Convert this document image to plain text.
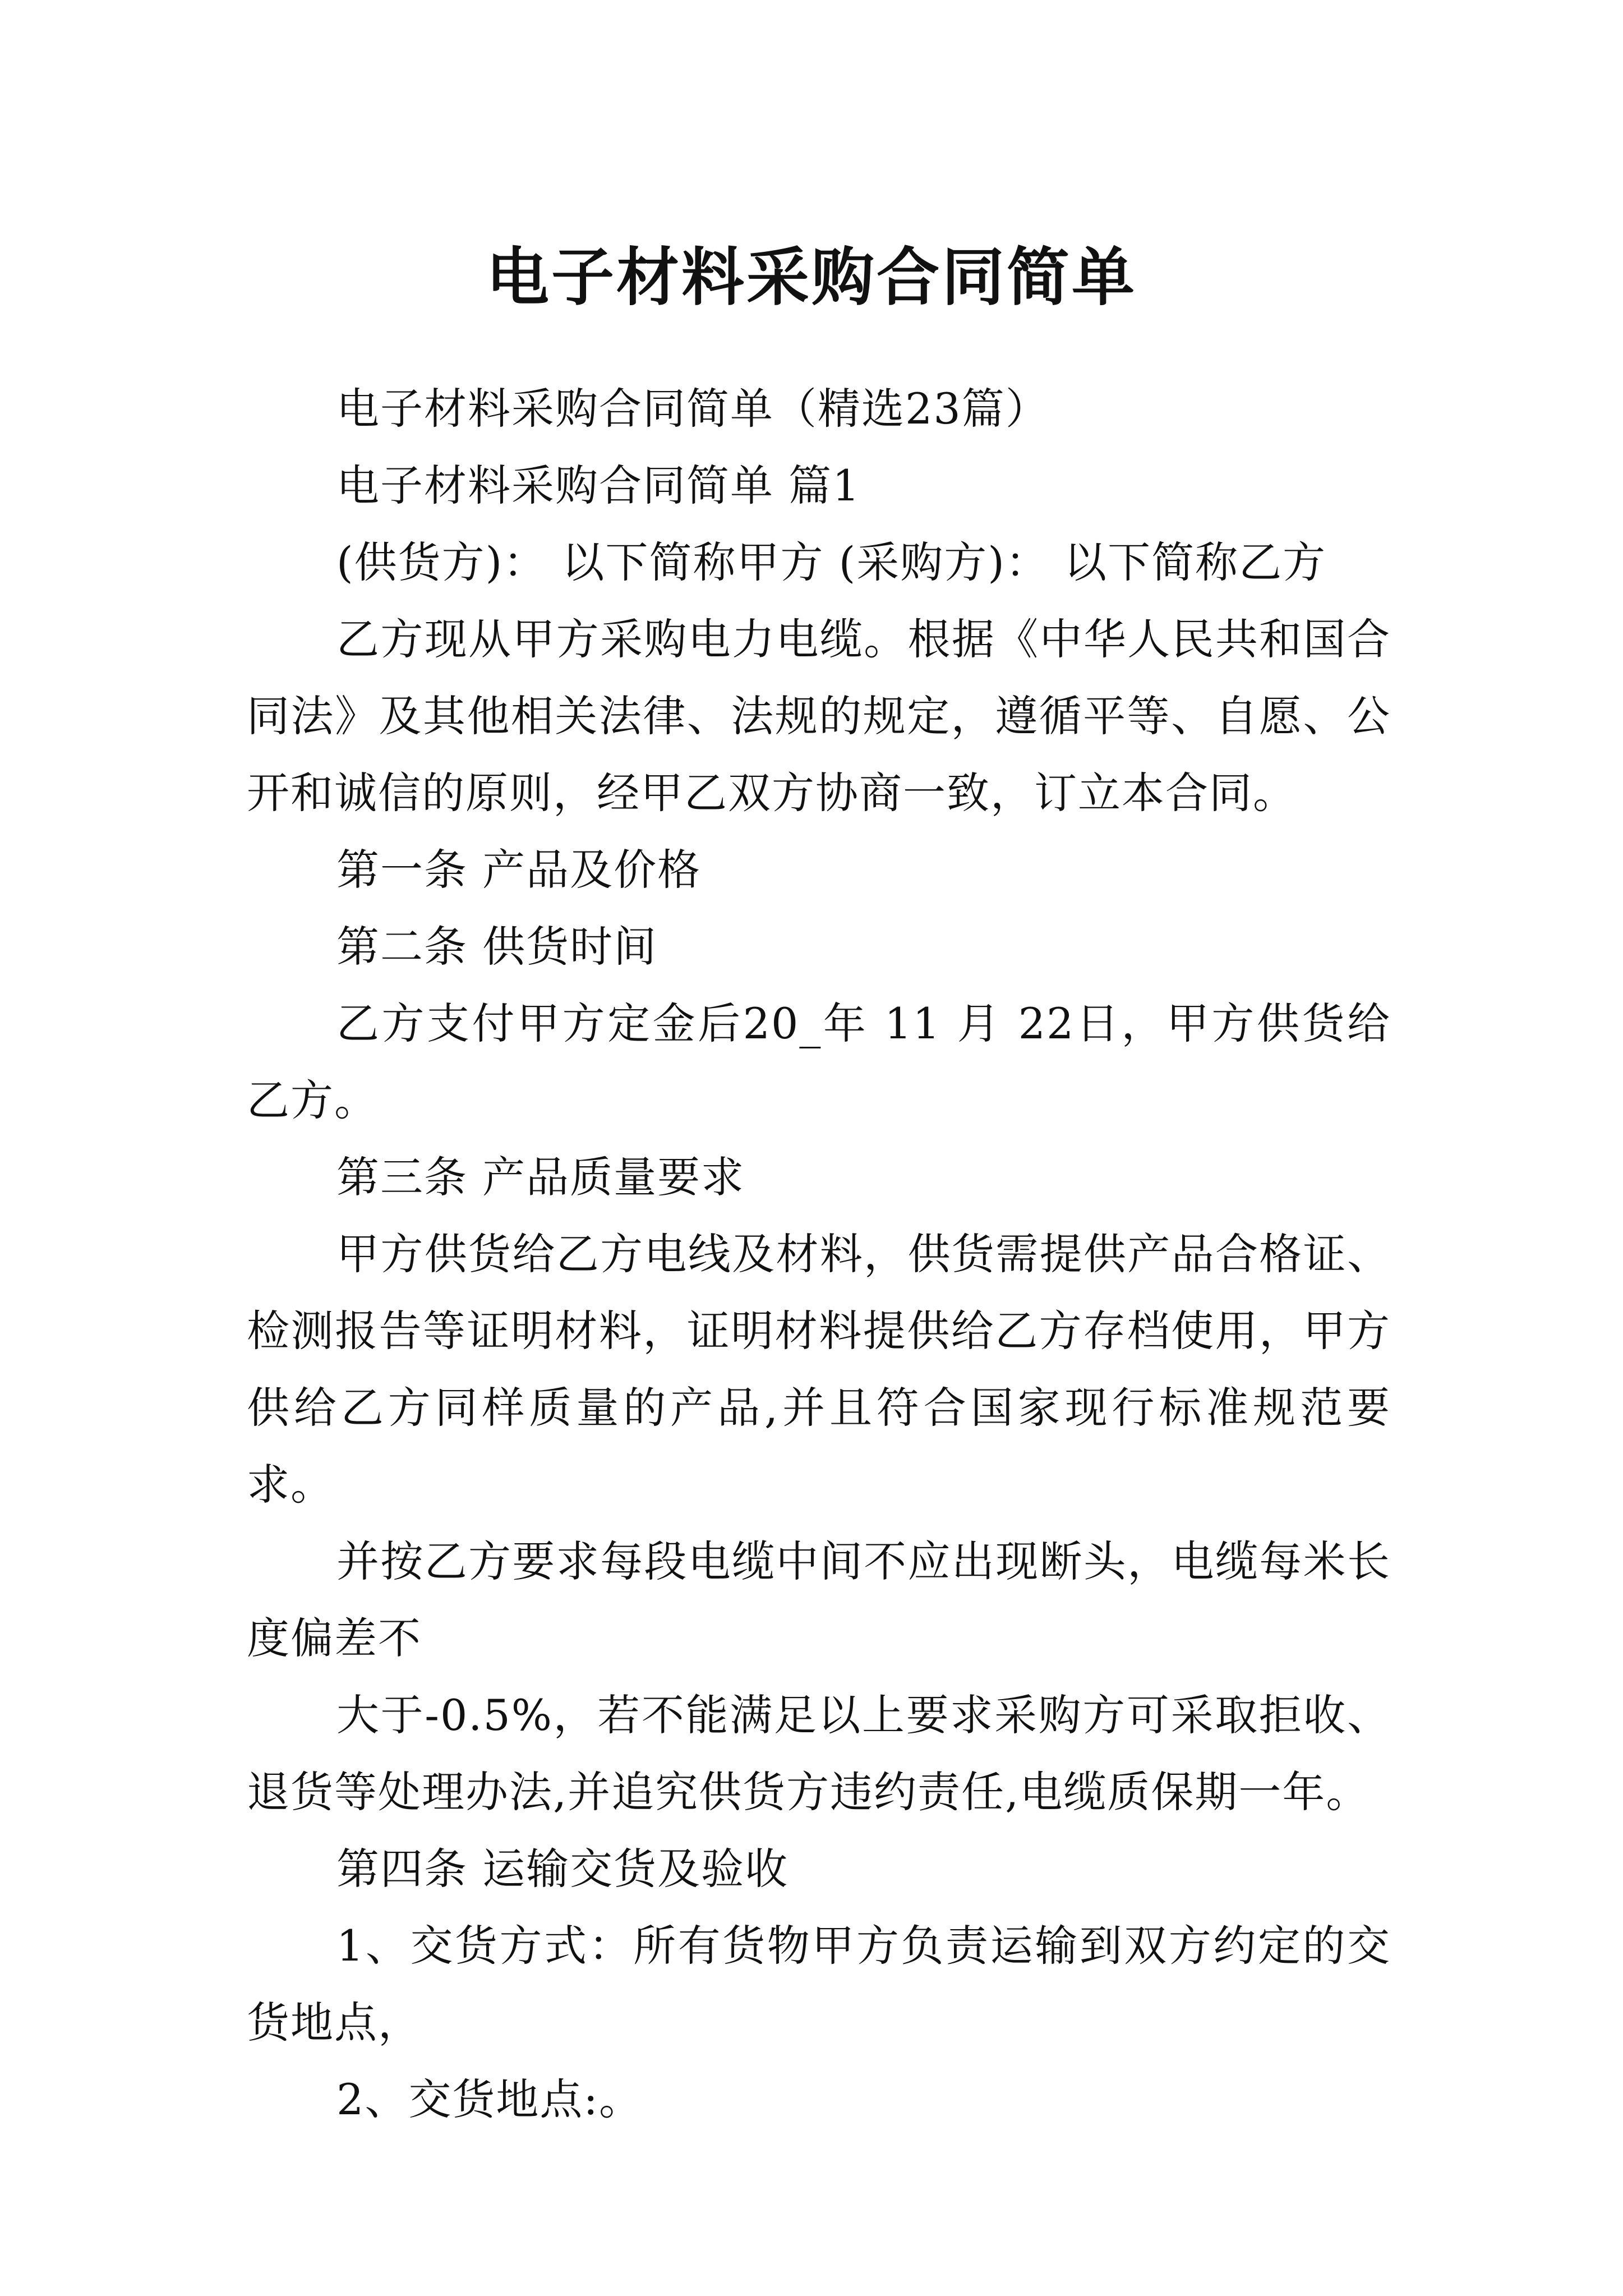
电子材料采购合同简单

电子材料采购合同简单（精选23篇）

电子材料采购合同简单 篇1

(供货方)： 以下简称甲方 (采购方)： 以下简称乙方

乙方现从甲方采购电力电缆。根据《中华人民共和国合同法》及其他相关法律、法规的规定，遵循平等、自愿、公开和诚信的原则，经甲乙双方协商一致，订立本合同。

第一条 产品及价格

第二条 供货时间

乙方支付甲方定金后20_年 11 月 22日，甲方供货给乙方。

第三条 产品质量要求

甲方供货给乙方电线及材料，供货需提供产品合格证、检测报告等证明材料，证明材料提供给乙方存档使用，甲方供给乙方同样质量的产品,并且符合国家现行标准规范要求。

并按乙方要求每段电缆中间不应出现断头，电缆每米长度偏差不

大于-0.5%，若不能满足以上要求采购方可采取拒收、退货等处理办法,并追究供货方违约责任,电缆质保期一年。

第四条 运输交货及验收

1、交货方式：所有货物甲方负责运输到双方约定的交货地点，

2、交货地点:。
